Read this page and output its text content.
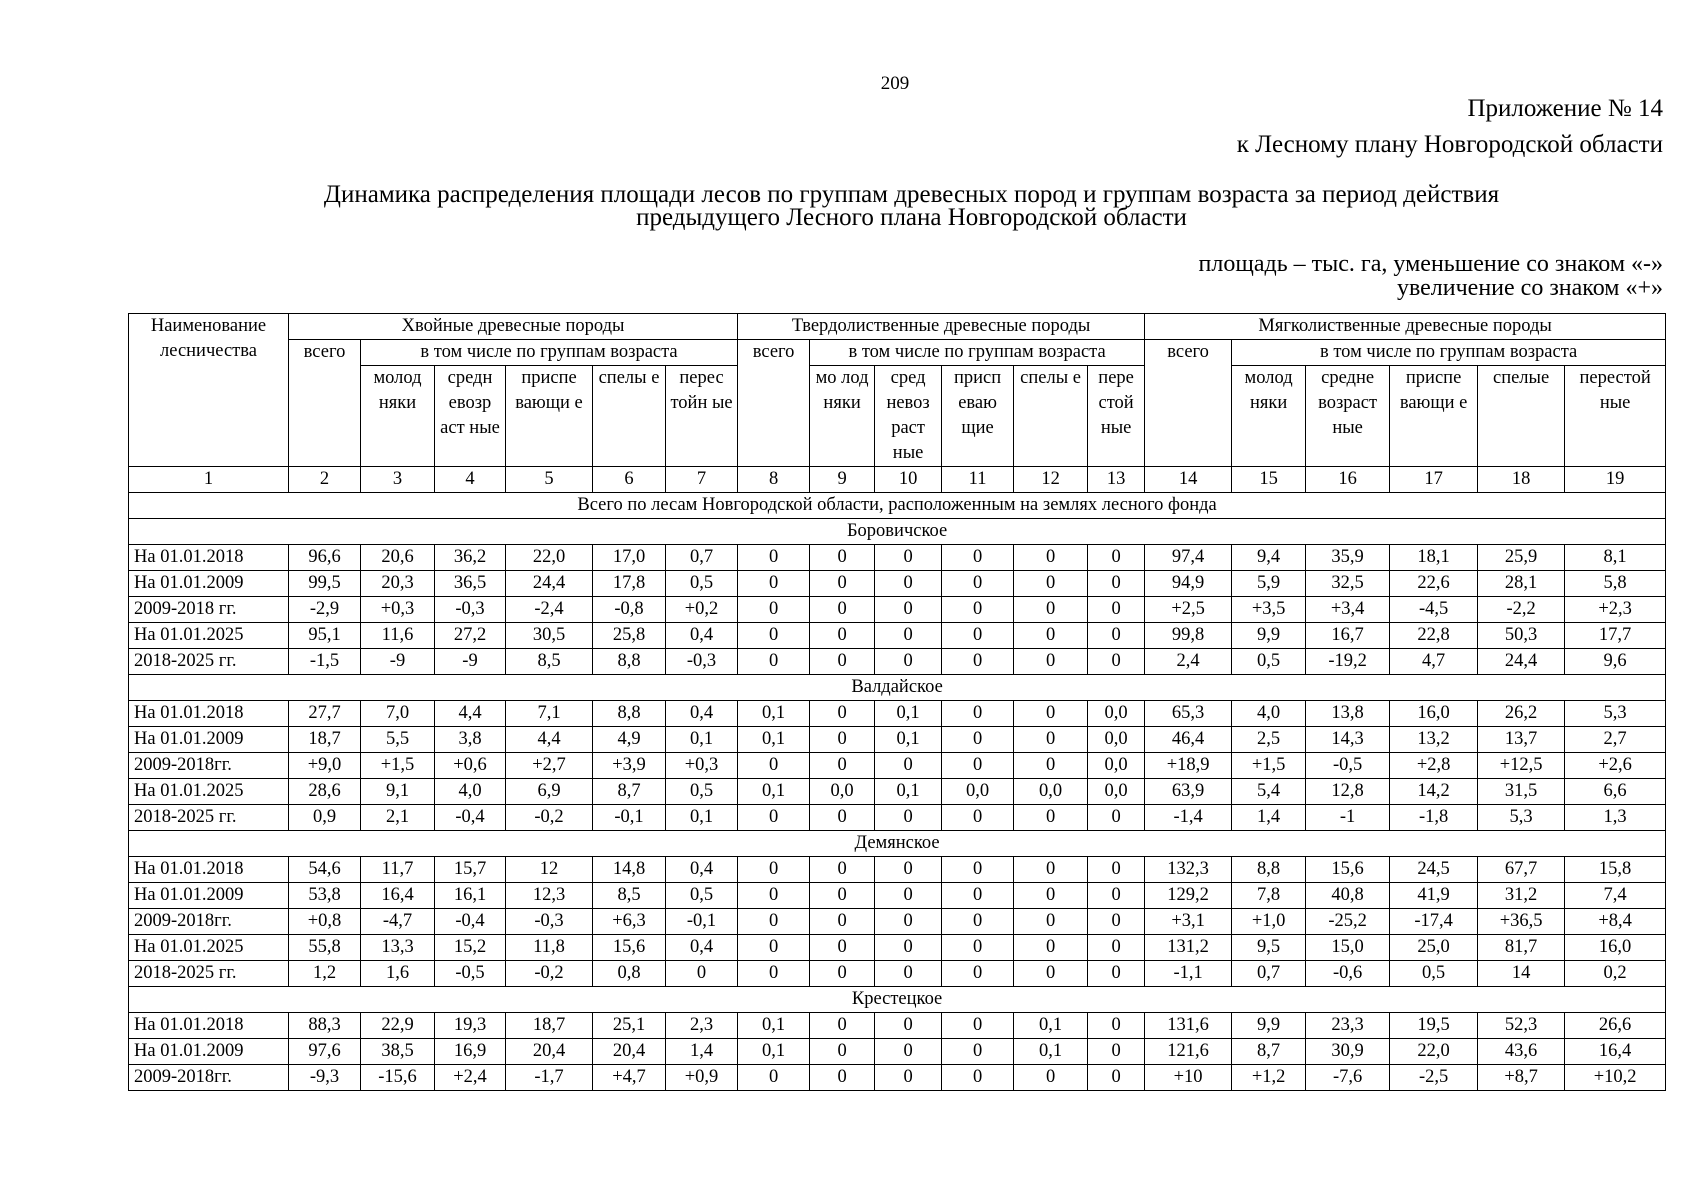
209
Приложение № 14
к Лесному плану Новгородской области
Динамика распределения площади лесов по группам древесных пород и группам возраста за период действия
предыдущего Лесного плана Новгородской области
площадь – тыс. га, уменьшение со знаком «-»
увеличение со знаком «+»
Наименование лесничества	Хвойные древесные породы						Твердолиственные древесные породы						Мягколиственные древесные породы					
	всего	в том числе по группам возраста					всего	в том числе по группам возраста					всего	в том числе по группам возраста				
		молод няки	средн евозр аст ные	приспе вающи е	спелы е	перес тойн ые		мо лод няки	сред невоз раст ные	присп еваю щие	спелы е	пере стой ные		молод няки	средне возраст ные	приспе вающи е	спелые	перестой ные
1	2	3	4	5	6	7	8	9	10	11	12	13	14	15	16	17	18	19
Всего по лесам Новгородской области, расположенным на землях лесного фонда																		
Боровичское																		
На 01.01.2018	96,6	20,6	36,2	22,0	17,0	0,7	0	0	0	0	0	0	97,4	9,4	35,9	18,1	25,9	8,1
На 01.01.2009	99,5	20,3	36,5	24,4	17,8	0,5	0	0	0	0	0	0	94,9	5,9	32,5	22,6	28,1	5,8
2009-2018 гг.	-2,9	+0,3	-0,3	-2,4	-0,8	+0,2	0	0	0	0	0	0	+2,5	+3,5	+3,4	-4,5	-2,2	+2,3
На 01.01.2025	95,1	11,6	27,2	30,5	25,8	0,4	0	0	0	0	0	0	99,8	9,9	16,7	22,8	50,3	17,7
2018-2025 гг.	-1,5	-9	-9	8,5	8,8	-0,3	0	0	0	0	0	0	2,4	0,5	-19,2	4,7	24,4	9,6
Валдайское																		
На 01.01.2018	27,7	7,0	4,4	7,1	8,8	0,4	0,1	0	0,1	0	0	0,0	65,3	4,0	13,8	16,0	26,2	5,3
На 01.01.2009	18,7	5,5	3,8	4,4	4,9	0,1	0,1	0	0,1	0	0	0,0	46,4	2,5	14,3	13,2	13,7	2,7
2009-2018гг.	+9,0	+1,5	+0,6	+2,7	+3,9	+0,3	0	0	0	0	0	0,0	+18,9	+1,5	-0,5	+2,8	+12,5	+2,6
На 01.01.2025	28,6	9,1	4,0	6,9	8,7	0,5	0,1	0,0	0,1	0,0	0,0	0,0	63,9	5,4	12,8	14,2	31,5	6,6
2018-2025 гг.	0,9	2,1	-0,4	-0,2	-0,1	0,1	0	0	0	0	0	0	-1,4	1,4	-1	-1,8	5,3	1,3
Демянское																		
На 01.01.2018	54,6	11,7	15,7	12	14,8	0,4	0	0	0	0	0	0	132,3	8,8	15,6	24,5	67,7	15,8
На 01.01.2009	53,8	16,4	16,1	12,3	8,5	0,5	0	0	0	0	0	0	129,2	7,8	40,8	41,9	31,2	7,4
2009-2018гг.	+0,8	-4,7	-0,4	-0,3	+6,3	-0,1	0	0	0	0	0	0	+3,1	+1,0	-25,2	-17,4	+36,5	+8,4
На 01.01.2025	55,8	13,3	15,2	11,8	15,6	0,4	0	0	0	0	0	0	131,2	9,5	15,0	25,0	81,7	16,0
2018-2025 гг.	1,2	1,6	-0,5	-0,2	0,8	0	0	0	0	0	0	0	-1,1	0,7	-0,6	0,5	14	0,2
Крестецкое																		
На 01.01.2018	88,3	22,9	19,3	18,7	25,1	2,3	0,1	0	0	0	0,1	0	131,6	9,9	23,3	19,5	52,3	26,6
На 01.01.2009	97,6	38,5	16,9	20,4	20,4	1,4	0,1	0	0	0	0,1	0	121,6	8,7	30,9	22,0	43,6	16,4
2009-2018гг.	-9,3	-15,6	+2,4	-1,7	+4,7	+0,9	0	0	0	0	0	0	+10	+1,2	-7,6	-2,5	+8,7	+10,2
